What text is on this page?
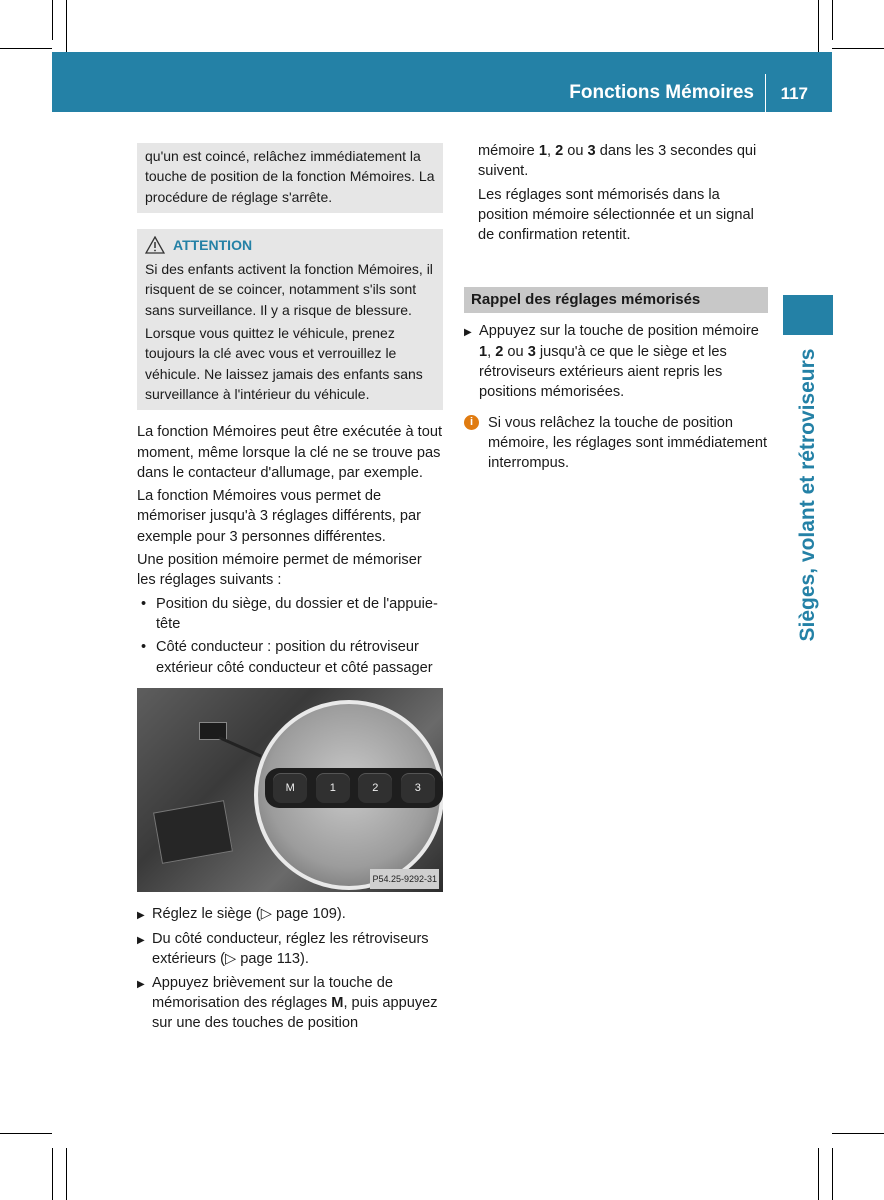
Fonctions Mémoires 117
Sièges, volant et rétroviseurs
qu'un est coincé, relâchez immédiatement la touche de position de la fonction Mémoires. La procédure de réglage s'arrête.
ATTENTION

Si des enfants activent la fonction Mémoires, il risquent de se coincer, notamment s'ils sont sans surveillance. Il y a risque de blessure.

Lorsque vous quittez le véhicule, prenez toujours la clé avec vous et verrouillez le véhicule. Ne laissez jamais des enfants sans surveillance à l'intérieur du véhicule.

La fonction Mémoires peut être exécutée à tout moment, même lorsque la clé ne se trouve pas dans le contacteur d'allumage, par exemple.

La fonction Mémoires vous permet de mémoriser jusqu'à 3 réglages différents, par exemple pour 3 personnes différentes.

Une position mémoire permet de mémoriser les réglages suivants :

• Position du siège, du dossier et de l'appuie-tête
• Côté conducteur : position du rétroviseur extérieur côté conducteur et côté passager
M	1	2	3
P54.25-9292-31
▶ Réglez le siège (▷ page 109).
▶ Du côté conducteur, réglez les rétroviseurs extérieurs (▷ page 113).
▶ Appuyez brièvement sur la touche de mémorisation des réglages M, puis appuyez sur une des touches de position

mémoire 1, 2 ou 3 dans les 3 secondes qui suivent.

Les réglages sont mémorisés dans la position mémoire sélectionnée et un signal de confirmation retentit.

Rappel des réglages mémorisés
▶ Appuyez sur la touche de position mémoire 1, 2 ou 3 jusqu'à ce que le siège et les rétroviseurs extérieurs aient repris les positions mémorisées.
i	Si vous relâchez la touche de position mémoire, les réglages sont immédiatement interrompus.
